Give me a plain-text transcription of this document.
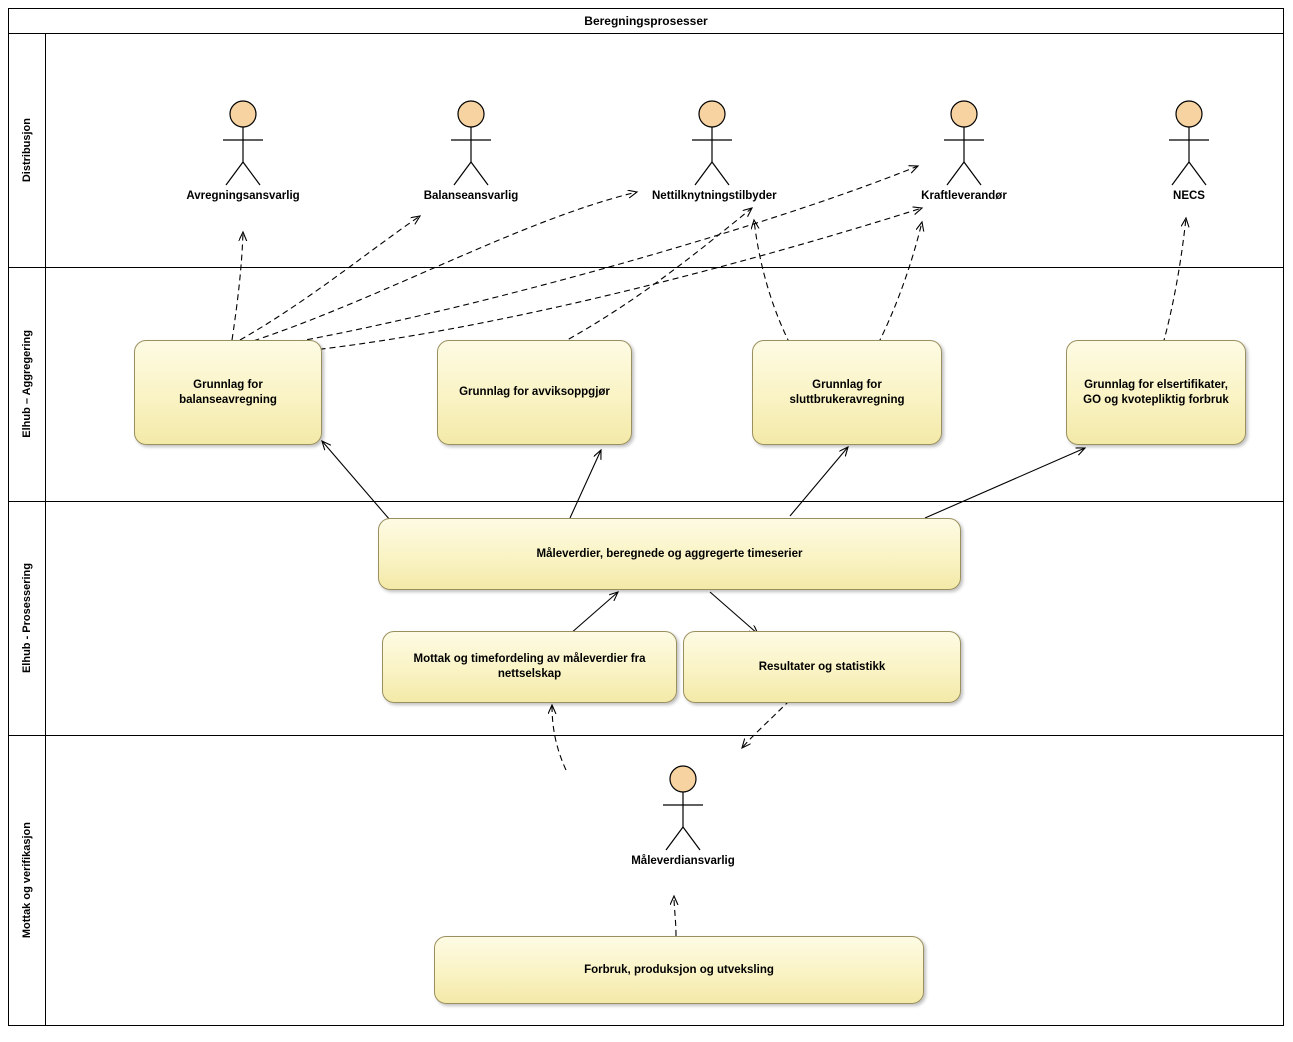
Beregningsprosesser
Distribusjon
Elhub – Aggregering
Elhub - Prosessering
Mottak og verifikasjon
Avregningsansvarlig	Balanseansvarlig	Nettilknytningstilbyder	Kraftleverandør	NECS
Måleverdiansvarlig
Grunnlag for balanseavregning
Grunnlag for avviksoppgjør
Grunnlag for sluttbrukeravregning
Grunnlag for elsertifikater, GO og kvotepliktig forbruk
Måleverdier, beregnede og aggregerte timeserier
Mottak og timefordeling av måleverdier fra nettselskap
Resultater og statistikk
Forbruk, produksjon og utveksling
